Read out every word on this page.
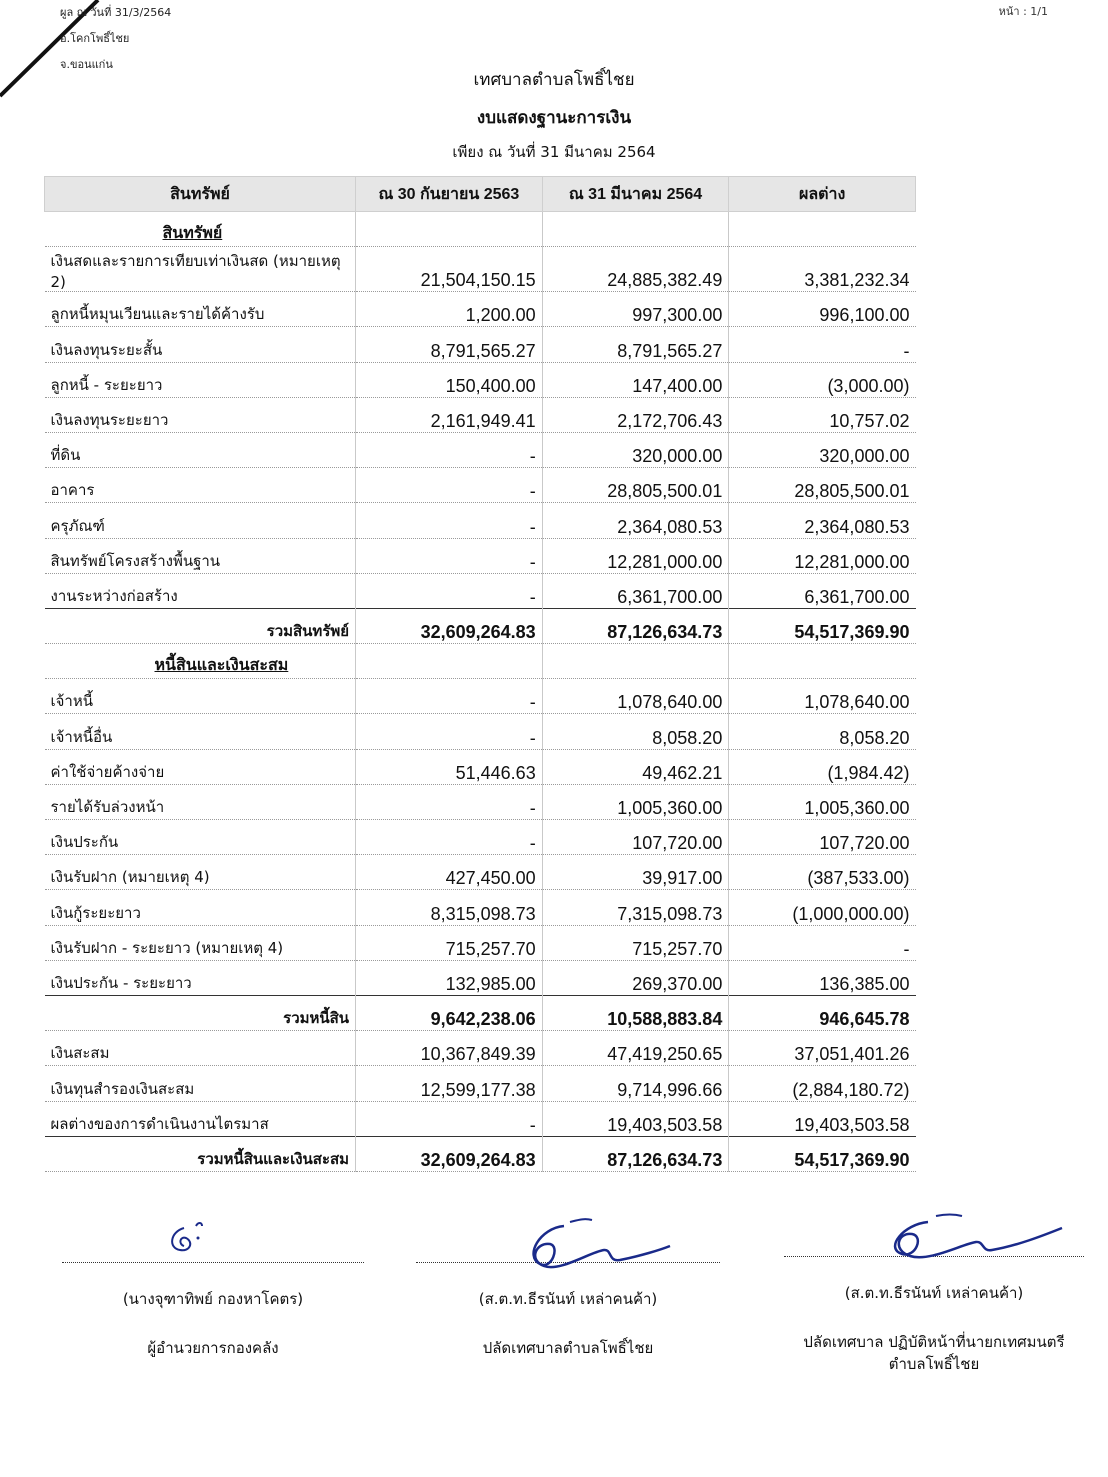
ผูล ณ วันที่ 31/3/2564
อ.โคกโพธิ์ไชย
จ.ขอนแก่น
หน้า : 1/1
เทศบาลตำบลโพธิ์ไชย
งบแสดงฐานะการเงิน
เพียง ณ วันที่ 31 มีนาคม 2564
สินทรัพย์	ณ 30 กันยายน 2563	ณ 31 มีนาคม 2564	ผลต่าง
สินทรัพย์			
เงินสดและรายการเทียบเท่าเงินสด (หมายเหตุ 2)	21,504,150.15	24,885,382.49	3,381,232.34
ลูกหนี้หมุนเวียนและรายได้ค้างรับ	1,200.00	997,300.00	996,100.00
เงินลงทุนระยะสั้น	8,791,565.27	8,791,565.27	-
ลูกหนี้ - ระยะยาว	150,400.00	147,400.00	(3,000.00)
เงินลงทุนระยะยาว	2,161,949.41	2,172,706.43	10,757.02
ที่ดิน	-	320,000.00	320,000.00
อาคาร	-	28,805,500.01	28,805,500.01
ครุภัณฑ์	-	2,364,080.53	2,364,080.53
สินทรัพย์โครงสร้างพื้นฐาน	-	12,281,000.00	12,281,000.00
งานระหว่างก่อสร้าง	-	6,361,700.00	6,361,700.00
รวมสินทรัพย์	32,609,264.83	87,126,634.73	54,517,369.90
หนี้สินและเงินสะสม			
เจ้าหนี้	-	1,078,640.00	1,078,640.00
เจ้าหนี้อื่น	-	8,058.20	8,058.20
ค่าใช้จ่ายค้างจ่าย	51,446.63	49,462.21	(1,984.42)
รายได้รับล่วงหน้า	-	1,005,360.00	1,005,360.00
เงินประกัน	-	107,720.00	107,720.00
เงินรับฝาก (หมายเหตุ 4)	427,450.00	39,917.00	(387,533.00)
เงินกู้ระยะยาว	8,315,098.73	7,315,098.73	(1,000,000.00)
เงินรับฝาก - ระยะยาว (หมายเหตุ 4)	715,257.70	715,257.70	-
เงินประกัน - ระยะยาว	132,985.00	269,370.00	136,385.00
รวมหนี้สิน	9,642,238.06	10,588,883.84	946,645.78
เงินสะสม	10,367,849.39	47,419,250.65	37,051,401.26
เงินทุนสำรองเงินสะสม	12,599,177.38	9,714,996.66	(2,884,180.72)
ผลต่างของการดำเนินงานไตรมาส	-	19,403,503.58	19,403,503.58
รวมหนี้สินและเงินสะสม	32,609,264.83	87,126,634.73	54,517,369.90
(นางจุฑาทิพย์ กองหาโคตร)
ผู้อำนวยการกองคลัง
(ส.ต.ท.ธีรนันท์ เหล่าคนค้า)
ปลัดเทศบาลตำบลโพธิ์ไชย
(ส.ต.ท.ธีรนันท์ เหล่าคนค้า)
ปลัดเทศบาล ปฏิบัติหน้าที่นายกเทศมนตรี
ตำบลโพธิ์ไชย
